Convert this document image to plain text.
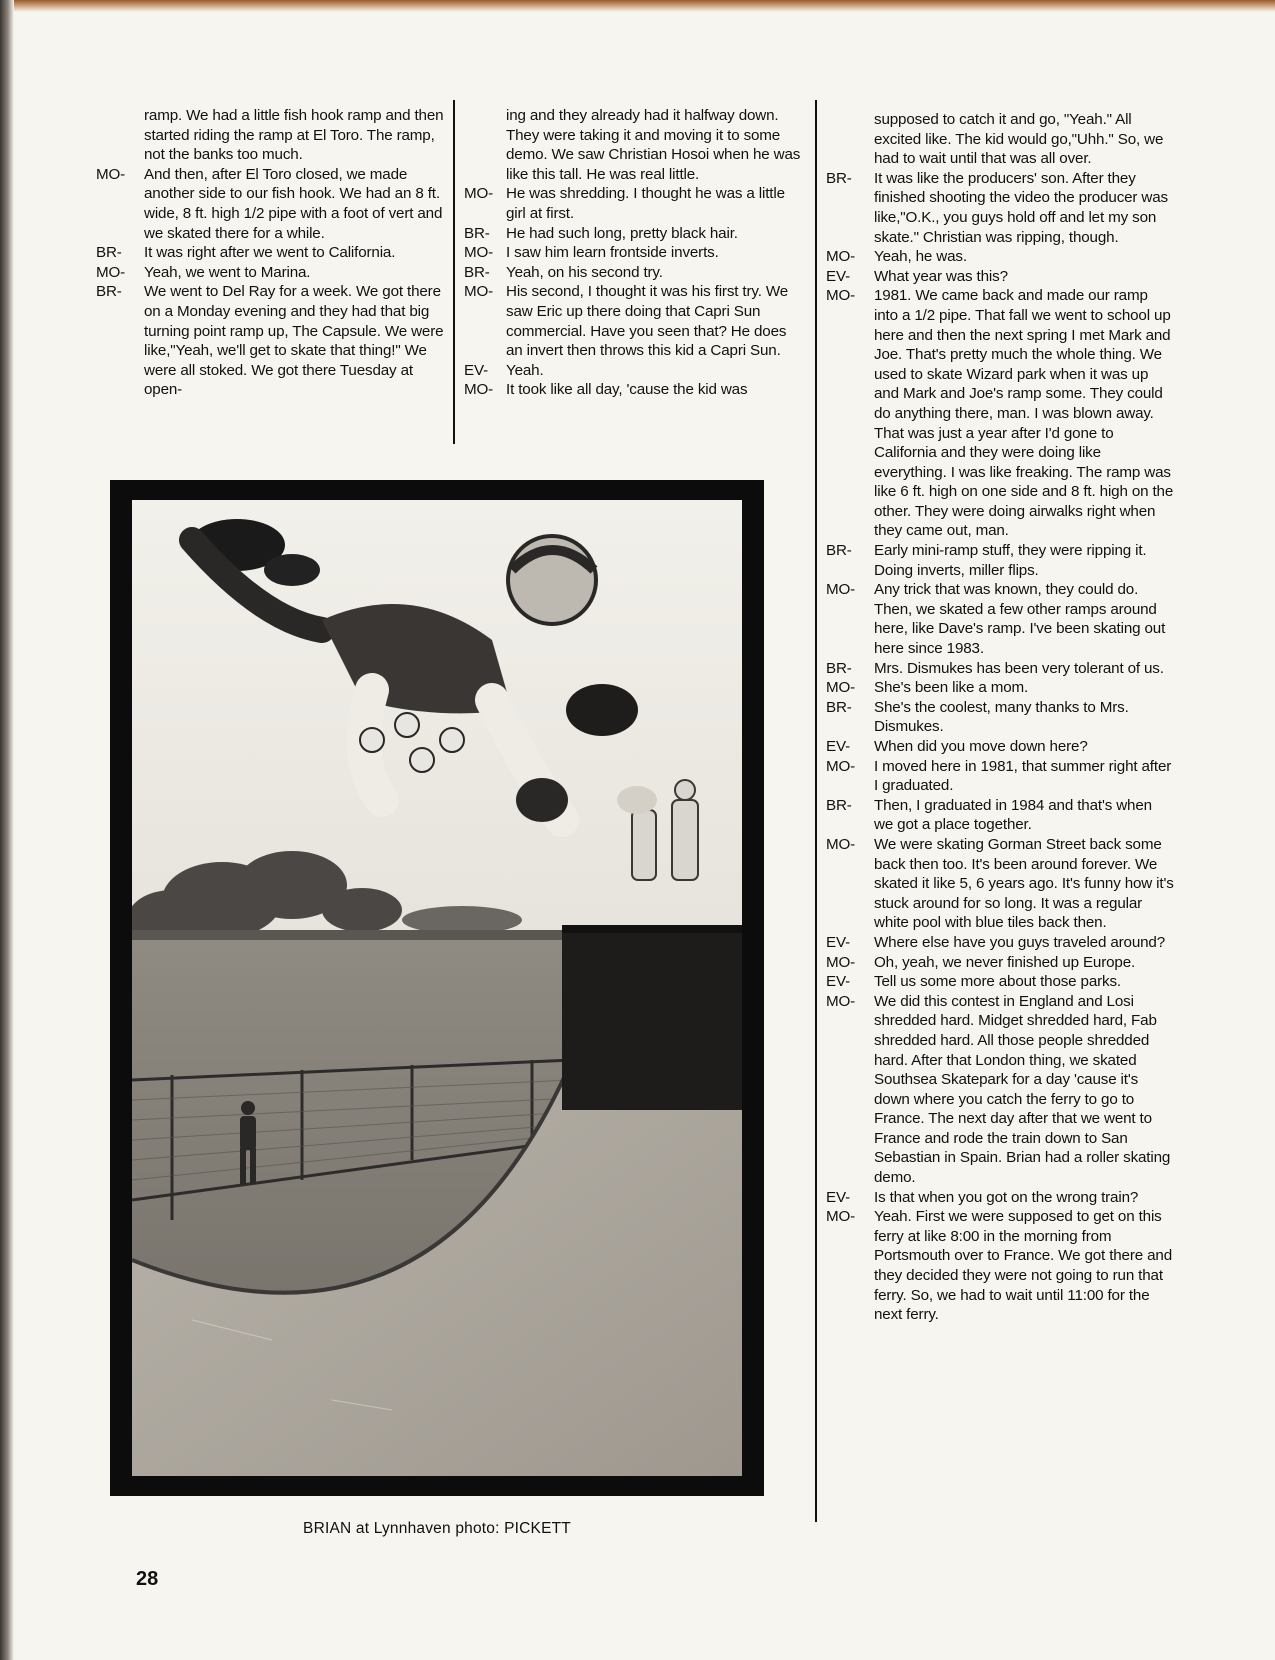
ramp. We had a little fish hook ramp and then started riding the ramp at El Toro. The ramp, not the banks too much.

MO- And then, after El Toro closed, we made another side to our fish hook. We had an 8 ft. wide, 8 ft. high 1/2 pipe with a foot of vert and we skated there for a while.

BR- It was right after we went to California.

MO- Yeah, we went to Marina.

BR- We went to Del Ray for a week. We got there on a Monday evening and they had that big turning point ramp up, The Capsule. We were like,"Yeah, we'll get to skate that thing!" We were all stoked. We got there Tuesday at open-

ing and they already had it halfway down. They were taking it and moving it to some demo. We saw Christian Hosoi when he was like this tall. He was real little.

MO- He was shredding. I thought he was a little girl at first.

BR- He had such long, pretty black hair.

MO- I saw him learn frontside inverts.

BR- Yeah, on his second try.

MO- His second, I thought it was his first try. We saw Eric up there doing that Capri Sun commercial. Have you seen that? He does an invert then throws this kid a Capri Sun.

EV- Yeah.

MO- It took like all day, 'cause the kid was

supposed to catch it and go, "Yeah." All excited like. The kid would go,"Uhh." So, we had to wait until that was all over.

BR- It was like the producers' son. After they finished shooting the video the producer was like,"O.K., you guys hold off and let my son skate." Christian was ripping, though.

MO- Yeah, he was.

EV- What year was this?

MO- 1981. We came back and made our ramp into a 1/2 pipe. That fall we went to school up here and then the next spring I met Mark and Joe. That's pretty much the whole thing. We used to skate Wizard park when it was up and Mark and Joe's ramp some. They could do anything there, man. I was blown away. That was just a year after I'd gone to California and they were doing like everything. I was like freaking. The ramp was like 6 ft. high on one side and 8 ft. high on the other. They were doing airwalks right when they came out, man.

BR- Early mini-ramp stuff, they were ripping it. Doing inverts, miller flips.

MO- Any trick that was known, they could do. Then, we skated a few other ramps around here, like Dave's ramp. I've been skating out here since 1983.

BR- Mrs. Dismukes has been very tolerant of us.

MO- She's been like a mom.

BR- She's the coolest, many thanks to Mrs. Dismukes.

EV- When did you move down here?

MO- I moved here in 1981, that summer right after I graduated.

BR- Then, I graduated in 1984 and that's when we got a place together.

MO- We were skating Gorman Street back some back then too. It's been around forever. We skated it like 5, 6 years ago. It's funny how it's stuck around for so long. It was a regular white pool with blue tiles back then.

EV- Where else have you guys traveled around?

MO- Oh, yeah, we never finished up Europe.

EV- Tell us some more about those parks.

MO- We did this contest in England and Losi shredded hard. Midget shredded hard, Fab shredded hard. All those people shredded hard. After that London thing, we skated Southsea Skatepark for a day 'cause it's down where you catch the ferry to go to France. The next day after that we went to France and rode the train down to San Sebastian in Spain. Brian had a roller skating demo.

EV- Is that when you got on the wrong train?

MO- Yeah. First we were supposed to get on this ferry at like 8:00 in the morning from Portsmouth over to France. We got there and they decided they were not going to run that ferry. So, we had to wait until 11:00 for the next ferry.

BRIAN at Lynnhaven photo: PICKETT
28
